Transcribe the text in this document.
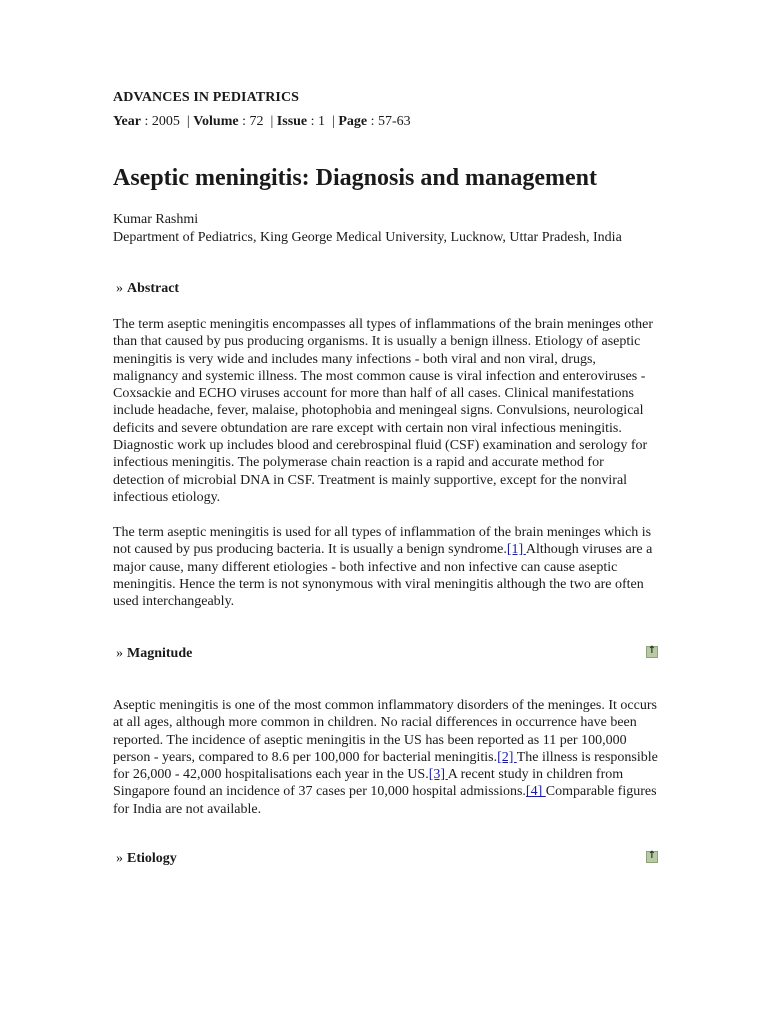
ADVANCES IN PEDIATRICS
Year : 2005  | Volume : 72  | Issue : 1  | Page : 57-63
Aseptic meningitis: Diagnosis and management
Kumar Rashmi
Department of Pediatrics, King George Medical University, Lucknow, Uttar Pradesh, India
» Abstract

The term aseptic meningitis encompasses all types of inflammations of the brain meninges other than that caused by pus producing organisms. It is usually a benign illness. Etiology of aseptic meningitis is very wide and includes many infections - both viral and non viral, drugs, malignancy and systemic illness. The most common cause is viral infection and enteroviruses - Coxsackie and ECHO viruses account for more than half of all cases. Clinical manifestations include headache, fever, malaise, photophobia and meningeal signs. Convulsions, neurological deficits and severe obtundation are rare except with certain non viral infectious meningitis. Diagnostic work up includes blood and cerebrospinal fluid (CSF) examination and serology for infectious meningitis. The polymerase chain reaction is a rapid and accurate method for detection of microbial DNA in CSF. Treatment is mainly supportive, except for the nonviral infectious etiology.

The term aseptic meningitis is used for all types of inflammation of the brain meninges which is not caused by pus producing bacteria. It is usually a benign syndrome.[1] Although viruses are a major cause, many different etiologies - both infective and non infective can cause aseptic meningitis. Hence the term is not synonymous with viral meningitis although the two are often used interchangeably.

» Magnitude	↑

Aseptic meningitis is one of the most common inflammatory disorders of the meninges. It occurs at all ages, although more common in children. No racial differences in occurrence have been reported. The incidence of aseptic meningitis in the US has been reported as 11 per 100,000 person - years, compared to 8.6 per 100,000 for bacterial meningitis.[2] The illness is responsible for 26,000 - 42,000 hospitalisations each year in the US.[3] A recent study in children from Singapore found an incidence of 37 cases per 10,000 hospital admissions.[4] Comparable figures for India are not available.

» Etiology	↑
